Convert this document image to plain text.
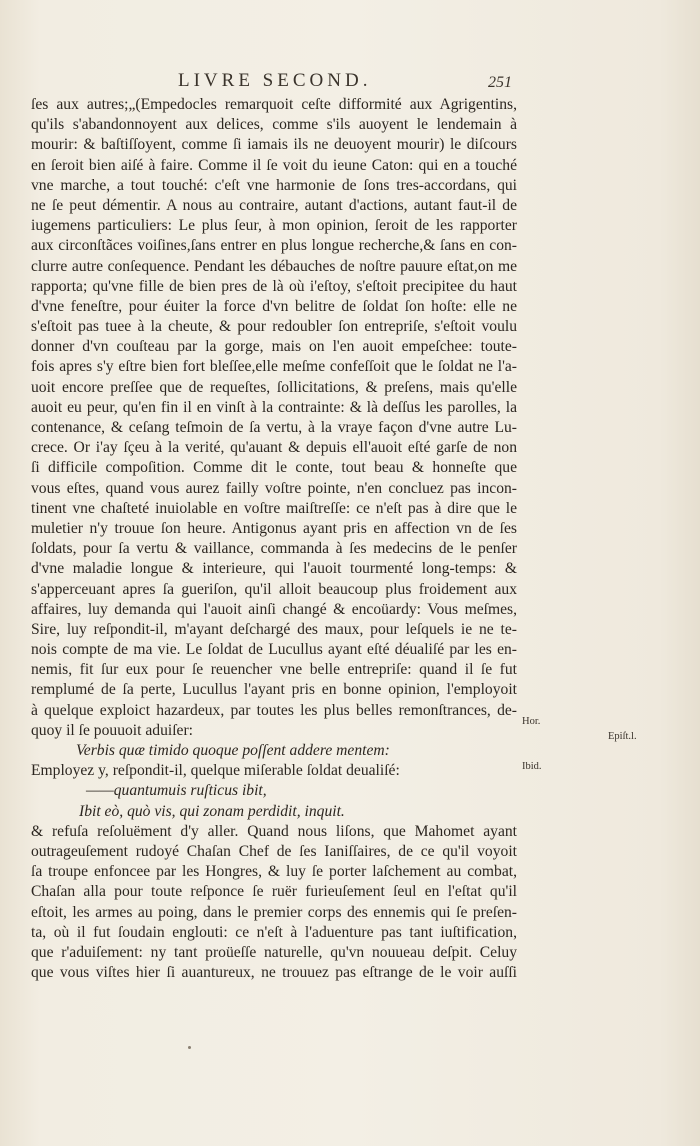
LIVRE SECOND.	251
ſes aux autres;„(Empedocles remarquoit ceſte difformité aux Agrigentins,
qu'ils s'abandonnoyent aux delices, comme s'ils auoyent le lendemain à
mourir: & baſtiſſoyent, comme ſi iamais ils ne deuoyent mourir) le diſcours
en ſeroit bien aiſé à faire. Comme il ſe voit du ieune Caton: qui en a touché
vne marche, a tout touché: c'eſt vne harmonie de ſons tres-accordans, qui
ne ſe peut démentir. A nous au contraire, autant d'actions, autant faut-il de
iugemens particuliers: Le plus ſeur, à mon opinion, ſeroit de les rapporter
aux circonſtãces voiſines,ſans entrer en plus longue recherche,& ſans en con-
clurre autre conſequence. Pendant les débauches de noſtre pauure eſtat,on me
rapporta; qu'vne fille de bien pres de là où i'eſtoy, s'eſtoit precipitee du haut
d'vne feneſtre, pour éuiter la force d'vn belitre de ſoldat ſon hoſte: elle ne
s'eſtoit pas tuee à la cheute, & pour redoubler ſon entrepriſe, s'eſtoit voulu
donner d'vn couſteau par la gorge, mais on l'en auoit empeſchee: toute-
fois apres s'y eſtre bien fort bleſſee,elle meſme confeſſoit que le ſoldat ne l'a-
uoit encore preſſee que de requeſtes, ſollicitations, & preſens, mais qu'elle
auoit eu peur, qu'en fin il en vinſt à la contrainte: & là deſſus les parolles, la
contenance, & ceſang teſmoin de ſa vertu, à la vraye façon d'vne autre Lu-
crece. Or i'ay ſçeu à la verité, qu'auant & depuis ell'auoit eſté garſe de non
ſi difficile compoſition. Comme dit le conte, tout beau & honneſte que
vous eſtes, quand vous aurez failly voſtre pointe, n'en concluez pas incon-
tinent vne chaſteté inuiolable en voſtre maiſtreſſe: ce n'eſt pas à dire que le
muletier n'y trouue ſon heure. Antigonus ayant pris en affection vn de ſes
ſoldats, pour ſa vertu & vaillance, commanda à ſes medecins de le penſer
d'vne maladie longue & interieure, qui l'auoit tourmenté long-temps: &
s'apperceuant apres ſa gueriſon, qu'il alloit beaucoup plus froidement aux
affaires, luy demanda qui l'auoit ainſi changé & encoüardy: Vous meſmes,
Sire, luy reſpondit-il, m'ayant deſchargé des maux, pour leſquels ie ne te-
nois compte de ma vie. Le ſoldat de Lucullus ayant eſté déualiſé par les en-
nemis, fit ſur eux pour ſe reuencher vne belle entrepriſe: quand il ſe fut
remplumé de ſa perte, Lucullus l'ayant pris en bonne opinion, l'employoit
à quelque exploict hazardeux, par toutes les plus belles remonſtrances, de-
quoy il ſe pouuoit aduiſer:
Verbis quæ timido quoque poſſent addere mentem:
Employez y, reſpondit-il, quelque miſerable ſoldat deualiſé:
——quantumuis ruſticus ibit,
Ibit eò, quò vis, qui zonam perdidit, inquit.
& refuſa reſoluëment d'y aller. Quand nous liſons, que Mahomet ayant
outrageuſement rudoyé Chaſan Chef de ſes Ianiſſaires, de ce qu'il voyoit
ſa troupe enfoncee par les Hongres, & luy ſe porter laſchement au combat,
Chaſan alla pour toute reſponce ſe ruër furieuſement ſeul en l'eſtat qu'il
eſtoit, les armes au poing, dans le premier corps des ennemis qui ſe preſen-
ta, où il fut ſoudain englouti: ce n'eſt à l'aduenture pas tant iuſtification,
que r'aduiſement: ny tant proüeſſe naturelle, qu'vn nouueau deſpit. Celuy
que vous viſtes hier ſi auantureux, ne trouuez pas eſtrange de le voir auſſi
Hor.
Epiſt.l.
Ibid.
